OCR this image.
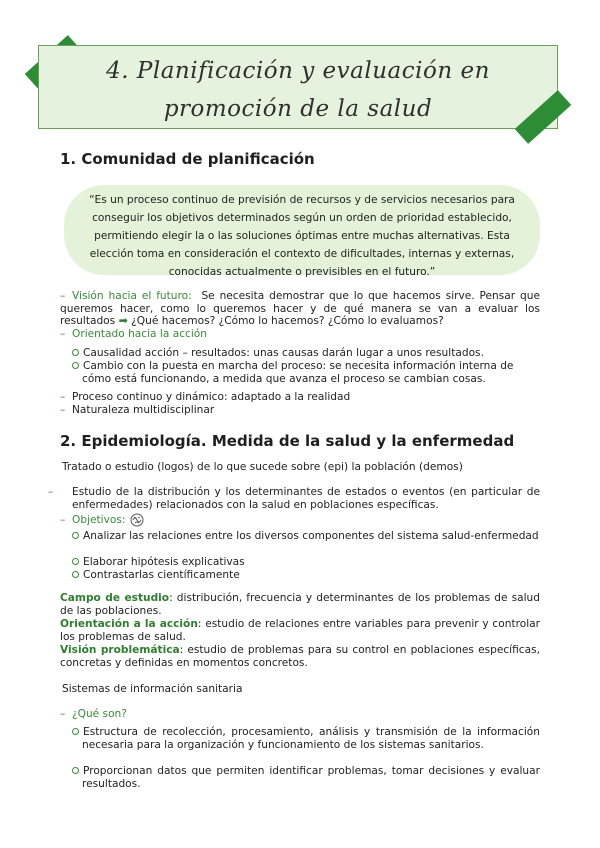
4. Planificación y evaluación en
promoción de la salud
1. Comunidad de planificación
“Es un proceso continuo de previsión de recursos y de servicios necesarios para conseguir los objetivos determinados según un orden de prioridad establecido, permitiendo elegir la o las soluciones óptimas entre muchas alternativas. Esta elección toma en consideración el contexto de dificultades, internas y externas, conocidas actualmente o previsibles en el futuro.”
– Visión hacia el futuro: Se necesita demostrar que lo que hacemos sirve. Pensar que queremos hacer, como lo queremos hacer y de qué manera se van a evaluar los resultados ➡ ¿Qué hacemos? ¿Cómo lo hacemos? ¿Cómo lo evaluamos?
– Orientado hacia la acción
Causalidad acción – resultados: unas causas darán lugar a unos resultados.
Cambio con la puesta en marcha del proceso: se necesita información interna de cómo está funcionando, a medida que avanza el proceso se cambian cosas.
– Proceso continuo y dinámico: adaptado a la realidad
– Naturaleza multidisciplinar
2. Epidemiología. Medida de la salud y la enfermedad
Tratado o estudio (logos) de lo que sucede sobre (epi) la población (demos)
– Estudio de la distribución y los determinantes de estados o eventos (en particular de enfermedades) relacionados con la salud en poblaciones específicas.
– Objetivos:
Analizar las relaciones entre los diversos componentes del sistema salud-enfermedad
Elaborar hipótesis explicativas
Contrastarlas científicamente
Campo de estudio: distribución, frecuencia y determinantes de los problemas de salud de las poblaciones.
Orientación a la acción: estudio de relaciones entre variables para prevenir y controlar los problemas de salud.
Visión problemática: estudio de problemas para su control en poblaciones específicas, concretas y definidas en momentos concretos.
Sistemas de información sanitaria
– ¿Qué son?
Estructura de recolección, procesamiento, análisis y transmisión de la información necesaria para la organización y funcionamiento de los sistemas sanitarios.
Proporcionan datos que permiten identificar problemas, tomar decisiones y evaluar resultados.
